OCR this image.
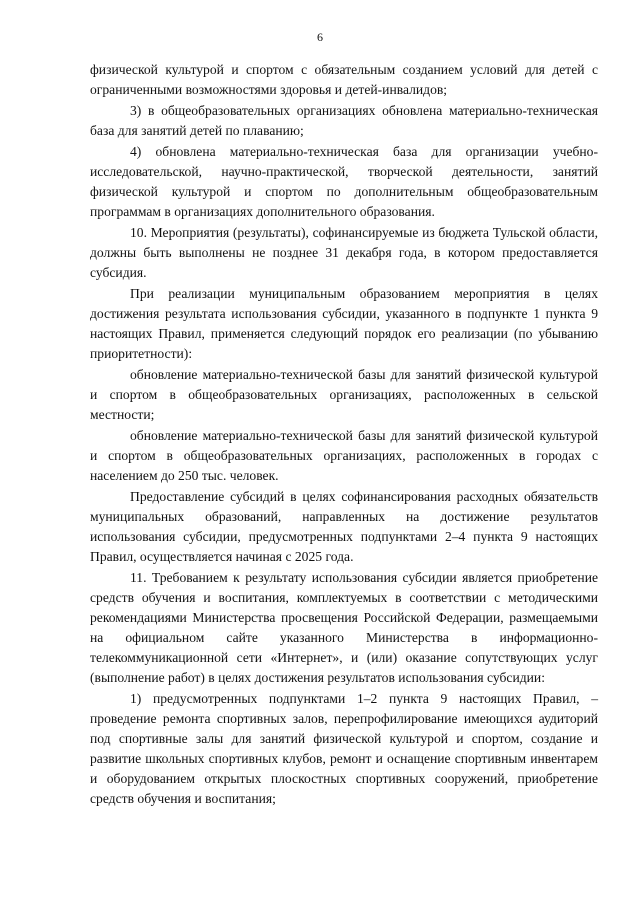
6

физической культурой и спортом с обязательным созданием условий для детей с ограниченными возможностями здоровья и детей-инвалидов;

3) в общеобразовательных организациях обновлена материально-техническая база для занятий детей по плаванию;

4) обновлена материально-техническая база для организации учебно-исследовательской, научно-практической, творческой деятельности, занятий физической культурой и спортом по дополнительным общеобразовательным программам в организациях дополнительного образования.

10. Мероприятия (результаты), софинансируемые из бюджета Тульской области, должны быть выполнены не позднее 31 декабря года, в котором предоставляется субсидия.

При реализации муниципальным образованием мероприятия в целях достижения результата использования субсидии, указанного в подпункте 1 пункта 9 настоящих Правил, применяется следующий порядок его реализации (по убыванию приоритетности):

обновление материально-технической базы для занятий физической культурой и спортом в общеобразовательных организациях, расположенных в сельской местности;

обновление материально-технической базы для занятий физической культурой и спортом в общеобразовательных организациях, расположенных в городах с населением до 250 тыс. человек.

Предоставление субсидий в целях софинансирования расходных обязательств муниципальных образований, направленных на достижение результатов использования субсидии, предусмотренных подпунктами 2–4 пункта 9 настоящих Правил, осуществляется начиная с 2025 года.

11. Требованием к результату использования субсидии является приобретение средств обучения и воспитания, комплектуемых в соответствии с методическими рекомендациями Министерства просвещения Российской Федерации, размещаемыми на официальном сайте указанного Министерства в информационно-телекоммуникационной сети «Интернет», и (или) оказание сопутствующих услуг (выполнение работ) в целях достижения результатов использования субсидии:

1) предусмотренных подпунктами 1–2 пункта 9 настоящих Правил, – проведение ремонта спортивных залов, перепрофилирование имеющихся аудиторий под спортивные залы для занятий физической культурой и спортом, создание и развитие школьных спортивных клубов, ремонт и оснащение спортивным инвентарем и оборудованием открытых плоскостных спортивных сооружений, приобретение средств обучения и воспитания;
